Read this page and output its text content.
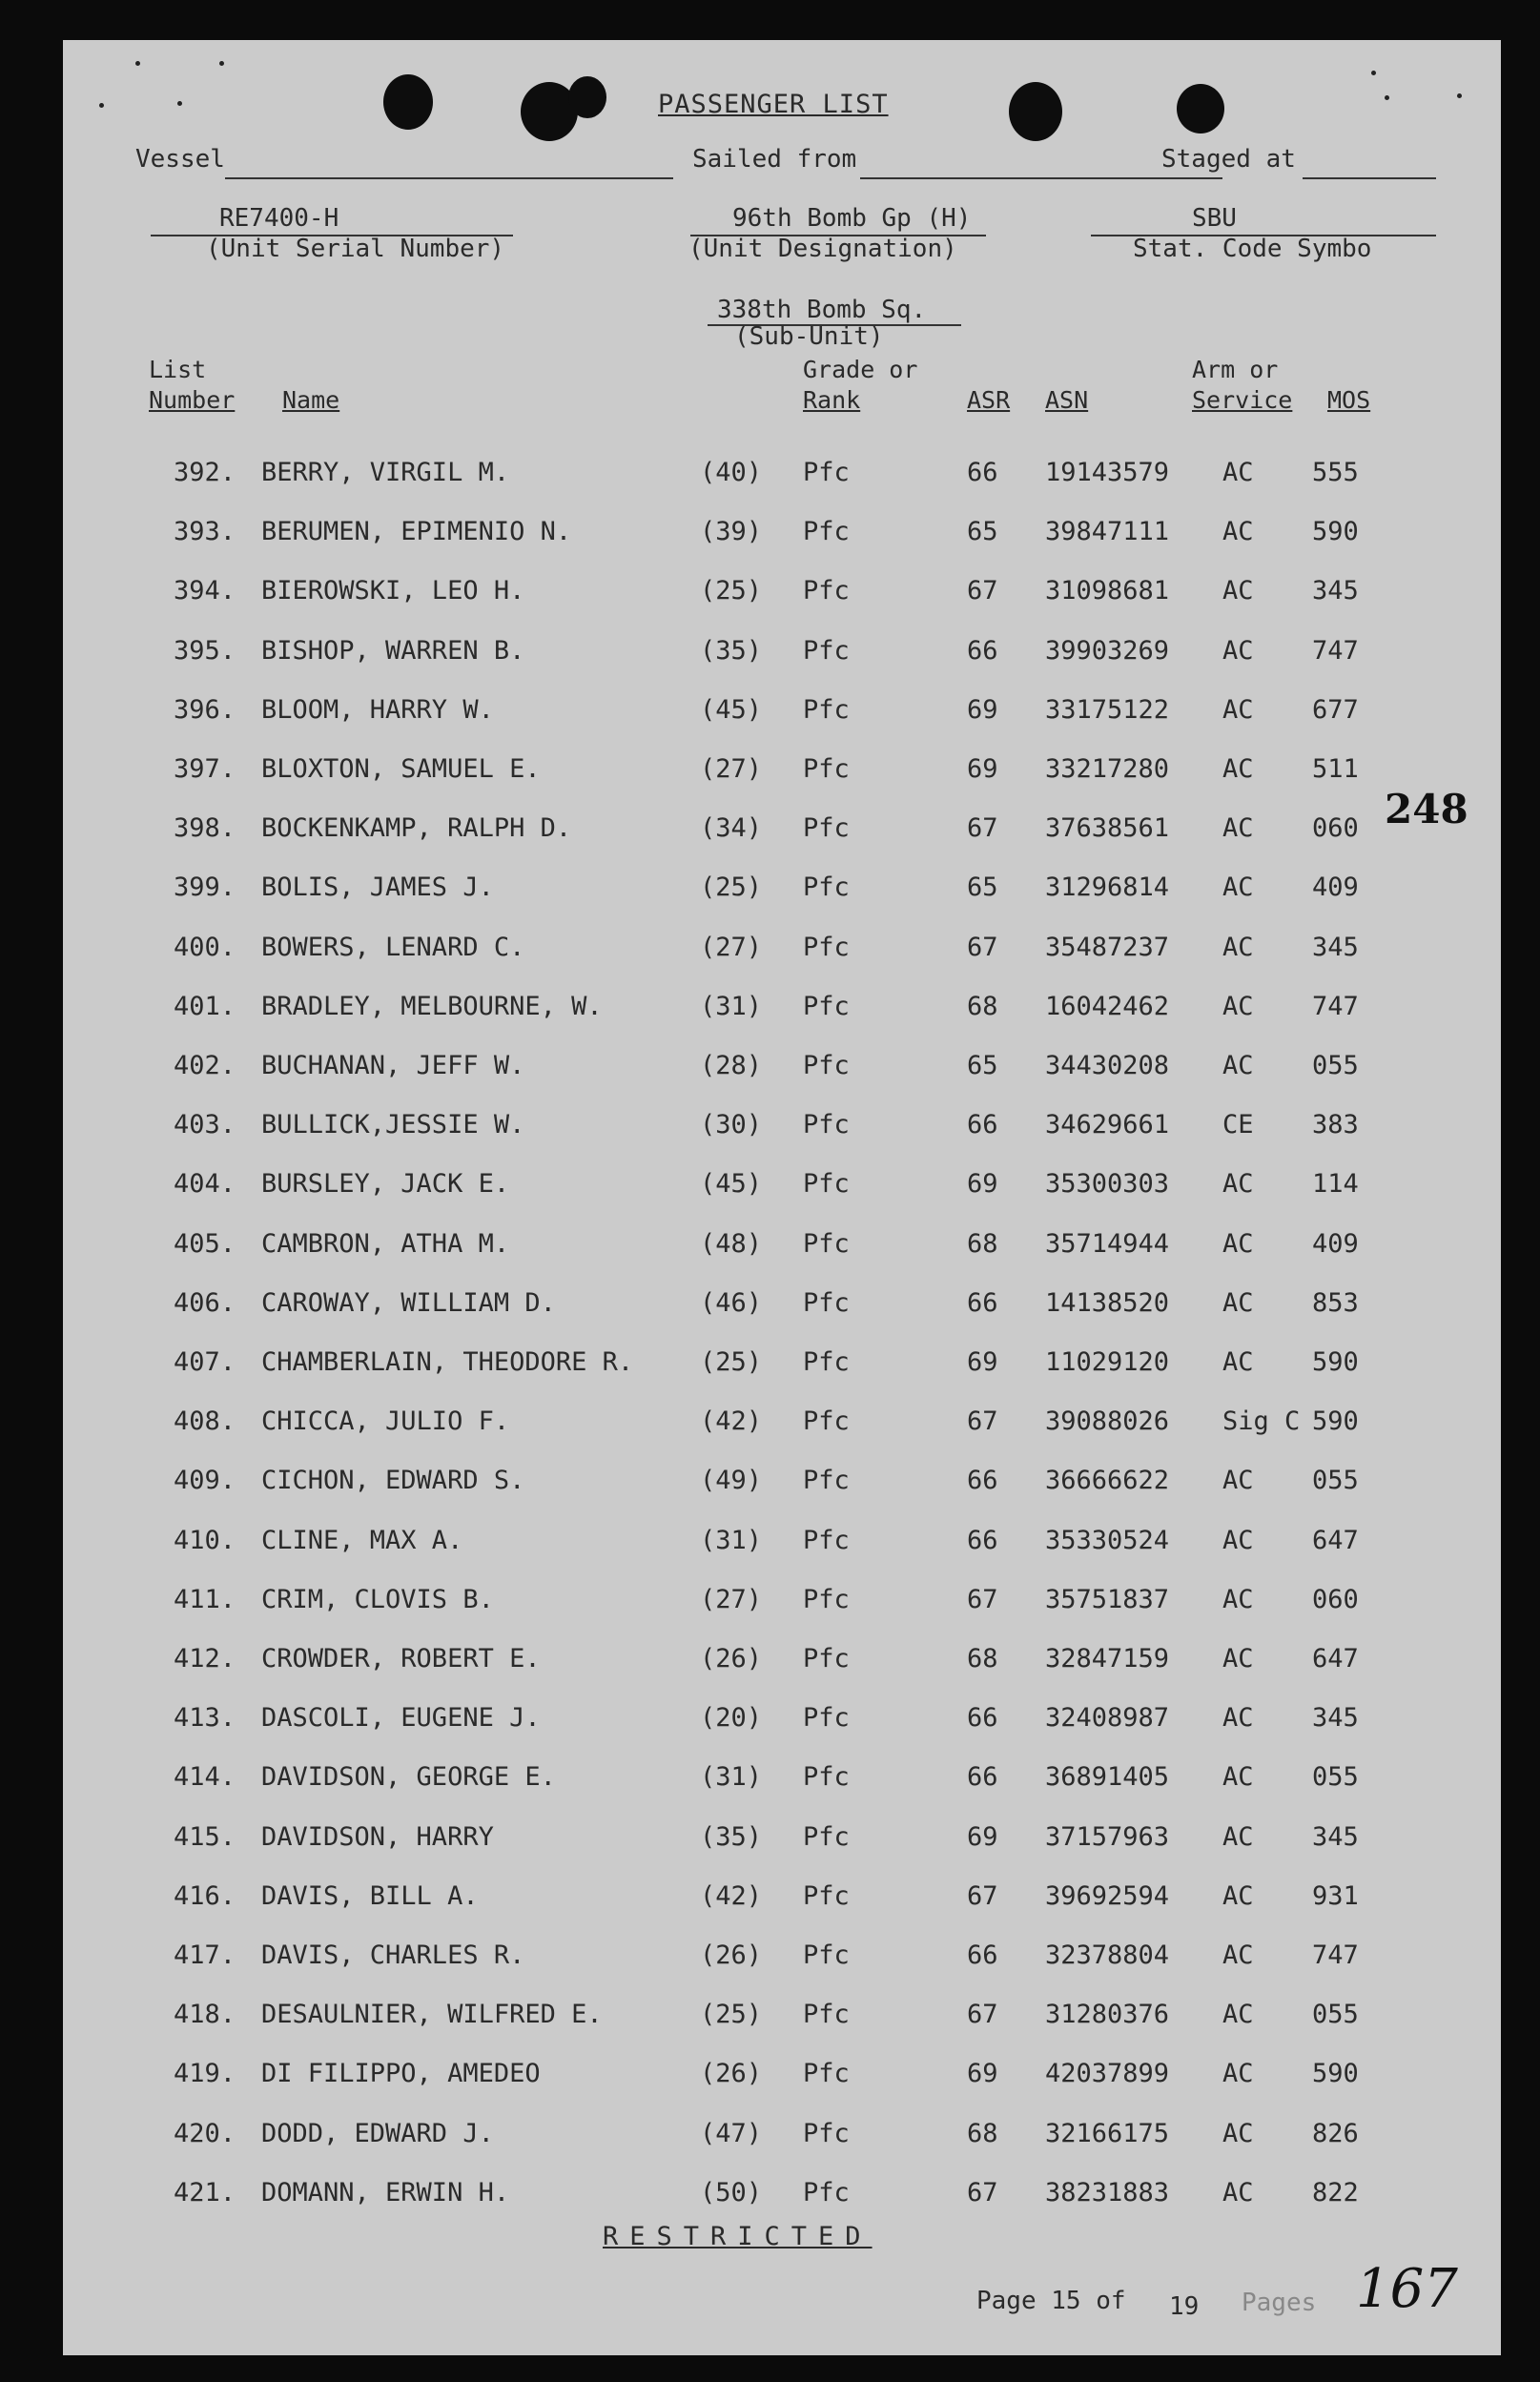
PASSENGER LIST
Vessel	Sailed from	Staged at
RE7400-H
(Unit Serial Number)
96th Bomb Gp (H)
(Unit Designation)
SBU
Stat. Code Symbo
338th Bomb Sq.
(Sub-Unit)
List
Number Name
Grade or
Rank	ASR ASN
Arm or
Service MOS
392. BERRY, VIRGIL M.	(40) Pfc	66 19143579 AC 555
393. BERUMEN, EPIMENIO N.	(39) Pfc	65 39847111 AC 590
394. BIEROWSKI, LEO H.	(25) Pfc	67 31098681 AC 345
395. BISHOP, WARREN B.	(35) Pfc	66 39903269 AC 747
396. BLOOM, HARRY W.	(45) Pfc	69 33175122 AC 677
397. BLOXTON, SAMUEL E.	(27) Pfc	69 33217280 AC 511
398. BOCKENKAMP, RALPH D.	(34) Pfc	67 37638561 AC 060
399. BOLIS, JAMES J.	(25) Pfc	65 31296814 AC 409
400. BOWERS, LENARD C.	(27) Pfc	67 35487237 AC 345
401. BRADLEY, MELBOURNE, W.	(31) Pfc	68 16042462 AC 747
402. BUCHANAN, JEFF W.	(28) Pfc	65 34430208 AC 055
403. BULLICK,JESSIE W.	(30) Pfc	66 34629661 CE 383
404. BURSLEY, JACK E.	(45) Pfc	69 35300303 AC 114
405. CAMBRON, ATHA M.	(48) Pfc	68 35714944 AC 409
406. CAROWAY, WILLIAM D.	(46) Pfc	66 14138520 AC 853
407. CHAMBERLAIN, THEODORE R.	(25) Pfc	69 11029120 AC 590
408. CHICCA, JULIO F.	(42) Pfc	67 39088026 Sig C 590
409. CICHON, EDWARD S.	(49) Pfc	66 36666622 AC 055
410. CLINE, MAX A.	(31) Pfc	66 35330524 AC 647
411. CRIM, CLOVIS B.	(27) Pfc	67 35751837 AC 060
412. CROWDER, ROBERT E.	(26) Pfc	68 32847159 AC 647
413. DASCOLI, EUGENE J.	(20) Pfc	66 32408987 AC 345
414. DAVIDSON, GEORGE E.	(31) Pfc	66 36891405 AC 055
415. DAVIDSON, HARRY	(35) Pfc	69 37157963 AC 345
416. DAVIS, BILL A.	(42) Pfc	67 39692594 AC 931
417. DAVIS, CHARLES R.	(26) Pfc	66 32378804 AC 747
418. DESAULNIER, WILFRED E.	(25) Pfc	67 31280376 AC 055
419. DI FILIPPO, AMEDEO	(26) Pfc	69 42037899 AC 590
420. DODD, EDWARD J.	(47) Pfc	68 32166175 AC 826
421. DOMANN, ERWIN H.	(50) Pfc	67 38231883 AC 822
248
RESTRICTED
Page 15 of 19 Pages 167
